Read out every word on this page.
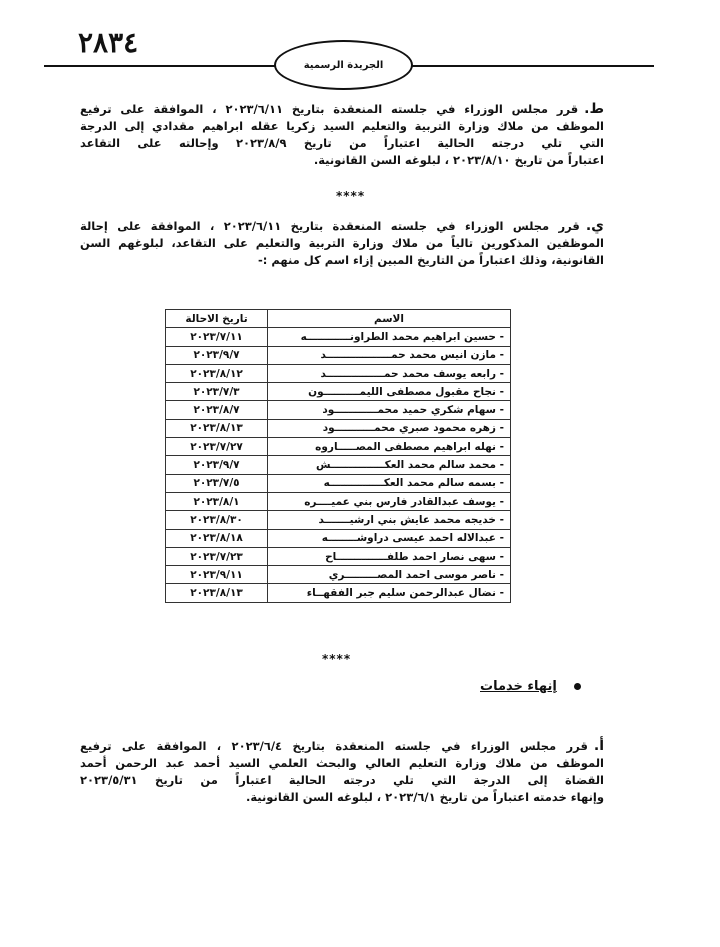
٢٨٣٤
الجريدة الرسمية
ط.قرر مجلس الوزراء في جلسته المنعقدة بتاريخ ٢٠٢٣/٦/١١ ، الموافقة على ترفيع
الموظف من ملاك وزارة التربية والتعليم السيد زكريا عقله ابراهيم مقدادي إلى الدرجة
التي تلي درجته الحالية اعتباراً من تاريخ ٢٠٢٣/٨/٩ وإحالته على التقاعد
اعتباراً من تاريخ ٢٠٢٣/٨/١٠ ، لبلوغه السن القانونية.
****
ي.قرر مجلس الوزراء في جلسته المنعقدة بتاريخ ٢٠٢٣/٦/١١ ، الموافقة على إحالة
الموظفين المذكورين تالياً من ملاك وزارة التربية والتعليم على التقاعد، لبلوغهم السن
القانونية، وذلك اعتباراً من التاريخ المبين إزاء اسم كل منهم :-
الاسم	تاريخ الاحالة
- حسين ابراهيم محمد الطراونــــــــــــه	٢٠٢٣/٧/١١
- مازن انيس محمد حمــــــــــــــــــد	٢٠٢٣/٩/٧
- رابعه يوسف محمد حمــــــــــــــــد	٢٠٢٣/٨/١٢
- نجاح مقبول مصطفى الليمــــــــــون	٢٠٢٣/٧/٣
- سهام شكري حميد محمــــــــــــود	٢٠٢٣/٨/٧
- زهره محمود صبري محمـــــــــــود	٢٠٢٣/٨/١٣
- نهله ابراهيم مصطفى المصـــــاروه	٢٠٢٣/٧/٢٧
- محمد سالم محمد العكـــــــــــــــش	٢٠٢٣/٩/٧
- بسمه سالم محمد العكـــــــــــــــه	٢٠٢٣/٧/٥
- يوسف عبدالقادر فارس بني عميــــره	٢٠٢٣/٨/١
- خديجه محمد عايش بني ارشيـــــــد	٢٠٢٣/٨/٣٠
- عبدالاله احمد عيسى دراوشــــــــه	٢٠٢٣/٨/١٨
- سهى نصار احمد طلفــــــــــــــاح	٢٠٢٣/٧/٢٣
- ناصر موسى احمد المصـــــــــري	٢٠٢٣/٩/١١
- نضال عبدالرحمن سليم جبر الفقهــاء	٢٠٢٣/٨/١٣
****
إنهاء خدمات
أ.قرر مجلس الوزراء في جلسته المنعقدة بتاريخ ٢٠٢٣/٦/٤ ، الموافقة على ترفيع
الموظف من ملاك وزارة التعليم العالي والبحث العلمي السيد أحمد عبد الرحمن أحمد
القضاة إلى الدرجة التي تلي درجته الحالية اعتباراً من تاريخ ٢٠٢٣/٥/٣١
وإنهاء خدمته اعتباراً من تاريخ ٢٠٢٣/٦/١ ، لبلوغه السن القانونية.
